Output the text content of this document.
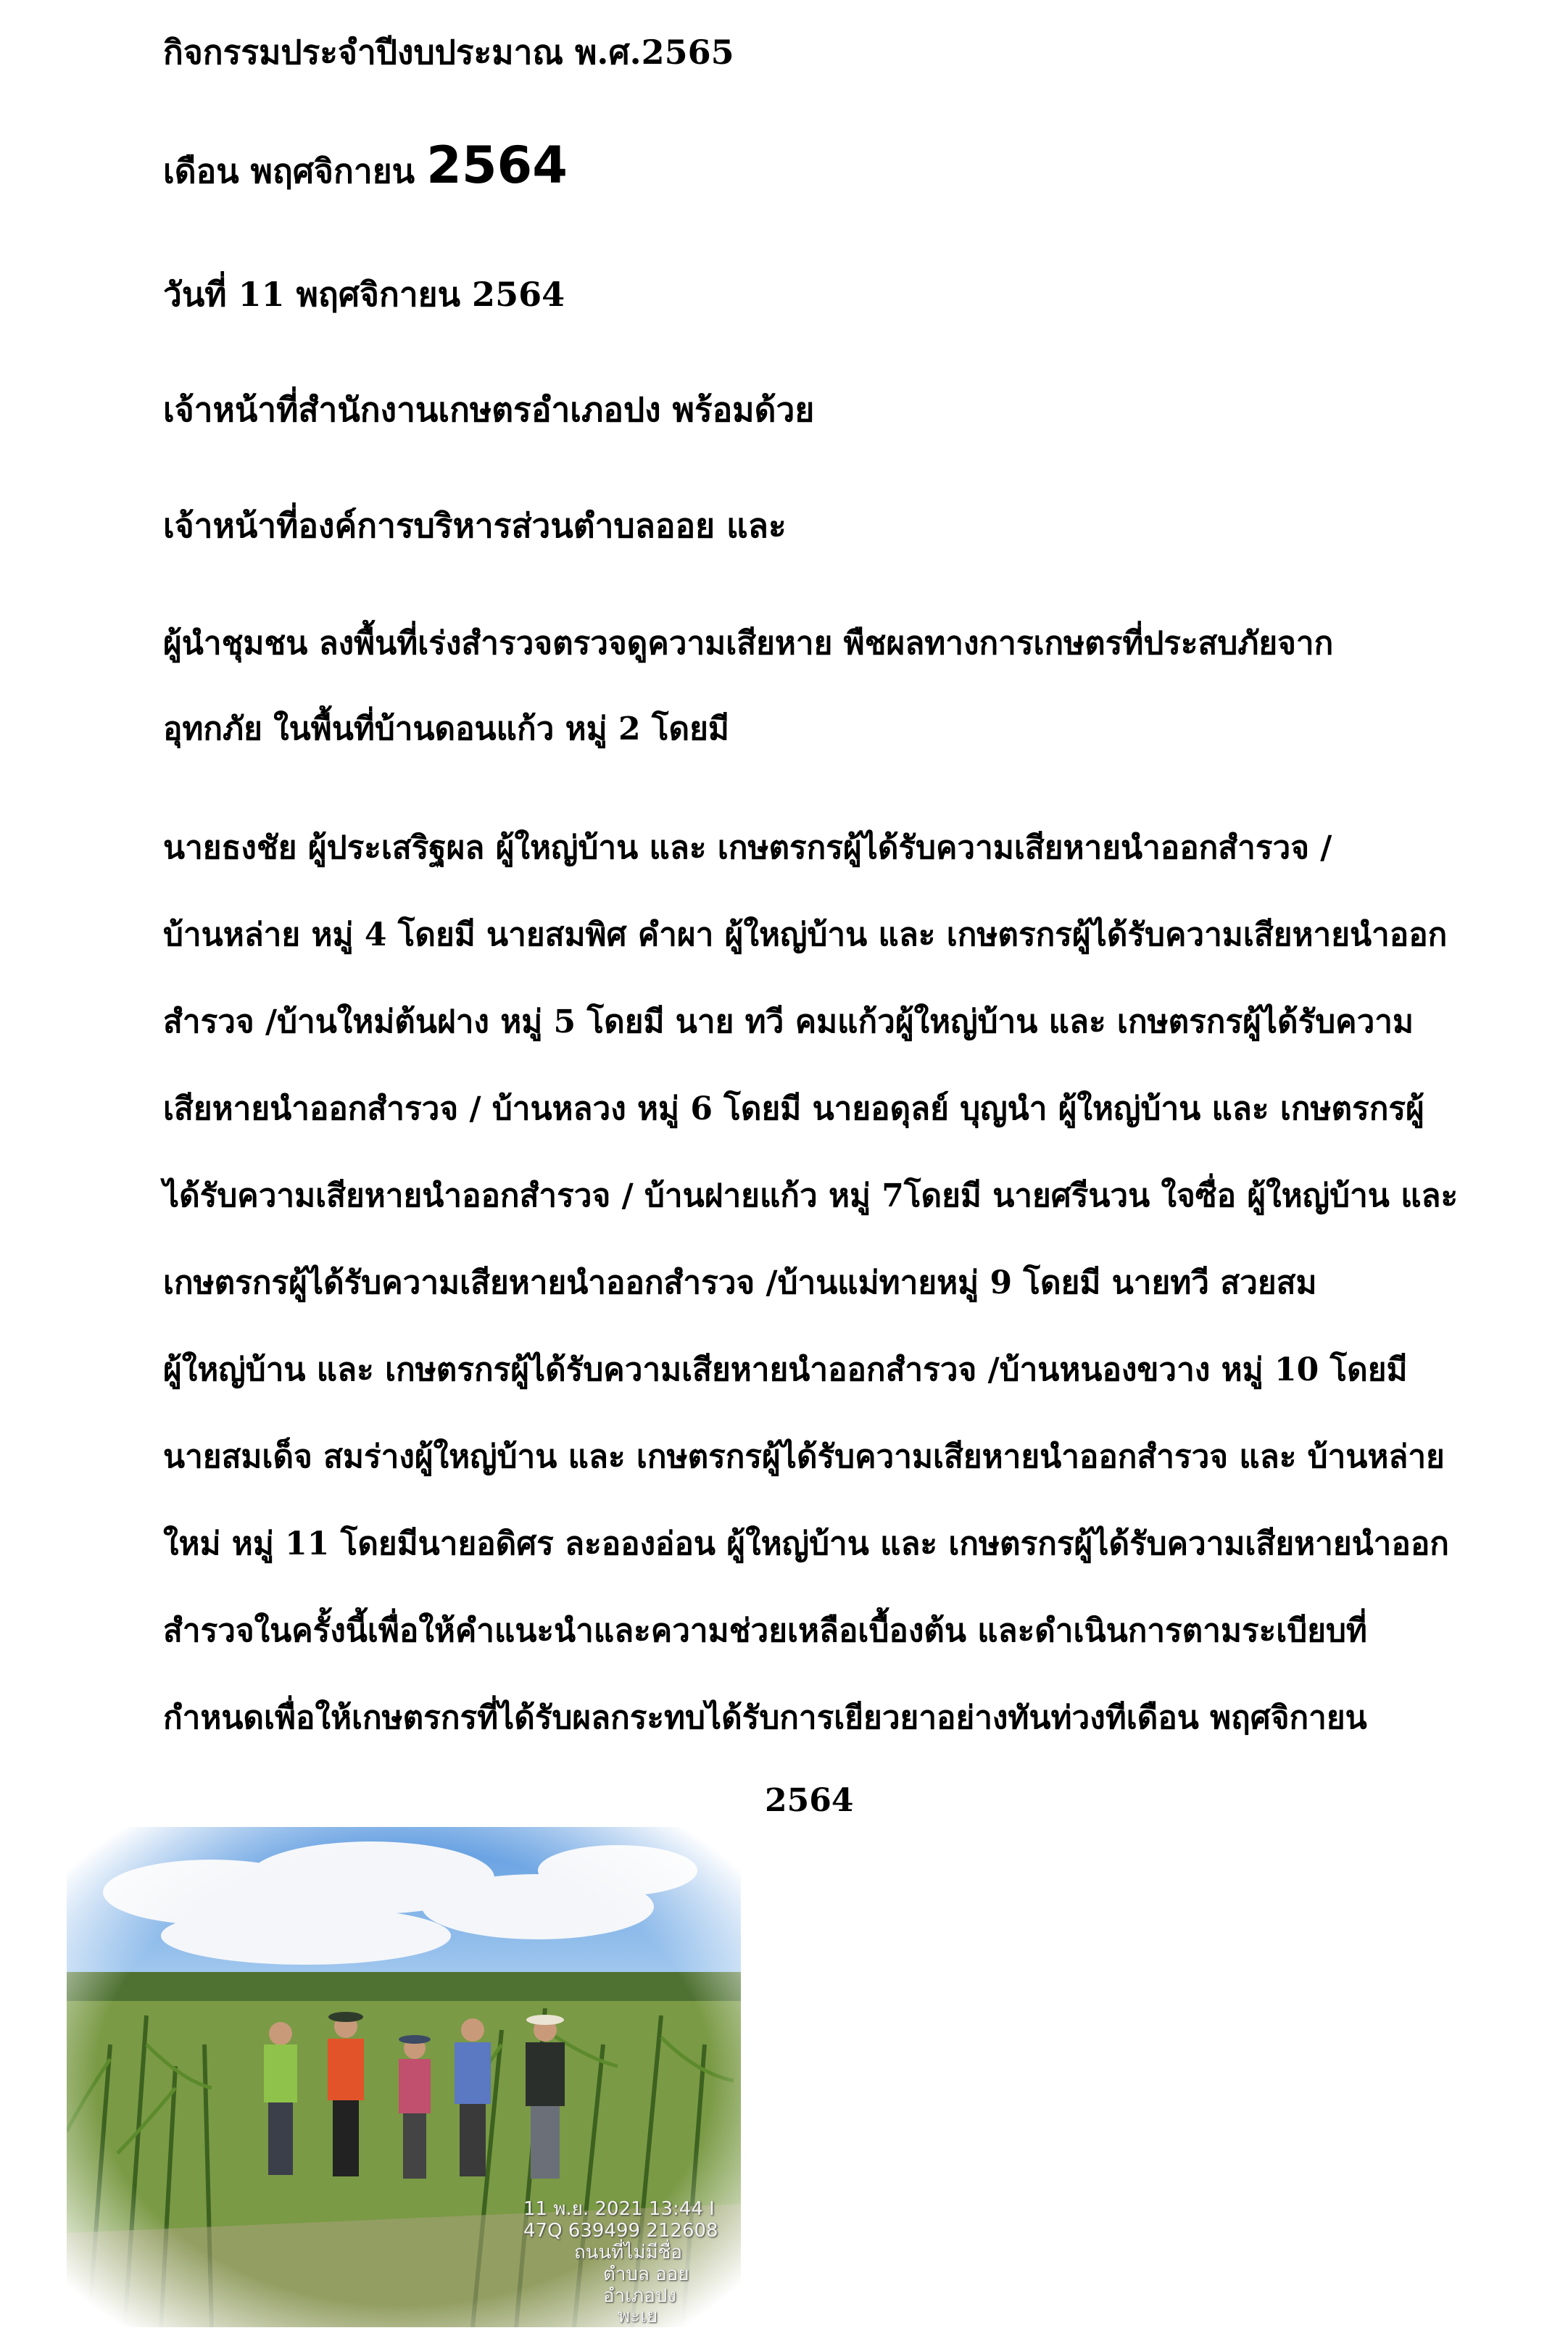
กิจกรรมประจำปีงบประมาณ พ.ศ.2565
เดือน พฤศจิกายน 2564
วันที่ 11 พฤศจิกายน 2564
เจ้าหน้าที่สำนักงานเกษตรอำเภอปง พร้อมด้วย
เจ้าหน้าที่องค์การบริหารส่วนตำบลออย และ
ผู้นำชุมชน ลงพื้นที่เร่งสำรวจตรวจดูความเสียหาย พืชผลทางการเกษตรที่ประสบภัยจาก
อุทกภัย ในพื้นที่บ้านดอนแก้ว หมู่ 2 โดยมี
นายธงชัย ผู้ประเสริฐผล ผู้ใหญ่บ้าน และ เกษตรกรผู้ได้รับความเสียหายนำออกสำรวจ /
บ้านหล่าย หมู่ 4 โดยมี นายสมพิศ คำผา ผู้ใหญ่บ้าน และ เกษตรกรผู้ได้รับความเสียหายนำออก
สำรวจ /บ้านใหม่ต้นฝาง หมู่ 5 โดยมี นาย ทวี คมแก้วผู้ใหญ่บ้าน และ เกษตรกรผู้ได้รับความ
เสียหายนำออกสำรวจ / บ้านหลวง หมู่ 6 โดยมี นายอดุลย์ บุญนำ ผู้ใหญ่บ้าน และ เกษตรกรผู้
ได้รับความเสียหายนำออกสำรวจ / บ้านฝายแก้ว หมู่ 7โดยมี นายศรีนวน ใจซื่อ ผู้ใหญ่บ้าน และ
เกษตรกรผู้ได้รับความเสียหายนำออกสำรวจ /บ้านแม่ทายหมู่ 9 โดยมี นายทวี สวยสม
ผู้ใหญ่บ้าน และ เกษตรกรผู้ได้รับความเสียหายนำออกสำรวจ /บ้านหนองขวาง หมู่ 10 โดยมี
นายสมเด็จ สมร่างผู้ใหญ่บ้าน และ เกษตรกรผู้ได้รับความเสียหายนำออกสำรวจ และ บ้านหล่าย
ใหม่ หมู่ 11 โดยมีนายอดิศร ละอองอ่อน ผู้ใหญ่บ้าน และ เกษตรกรผู้ได้รับความเสียหายนำออก
สำรวจในครั้งนี้เพื่อให้คำแนะนำและความช่วยเหลือเบื้องต้น และดำเนินการตามระเบียบที่
กำหนดเพื่อให้เกษตรกรที่ได้รับผลกระทบได้รับการเยียวยาอย่างทันท่วงทีเดือน พฤศจิกายน
2564
11 พ.ย. 2021 13:44 I
47Q 639499 212608
ถนนที่ไม่มีชื่อ
ตำบล ออย
อำเภอปง
พะเย
